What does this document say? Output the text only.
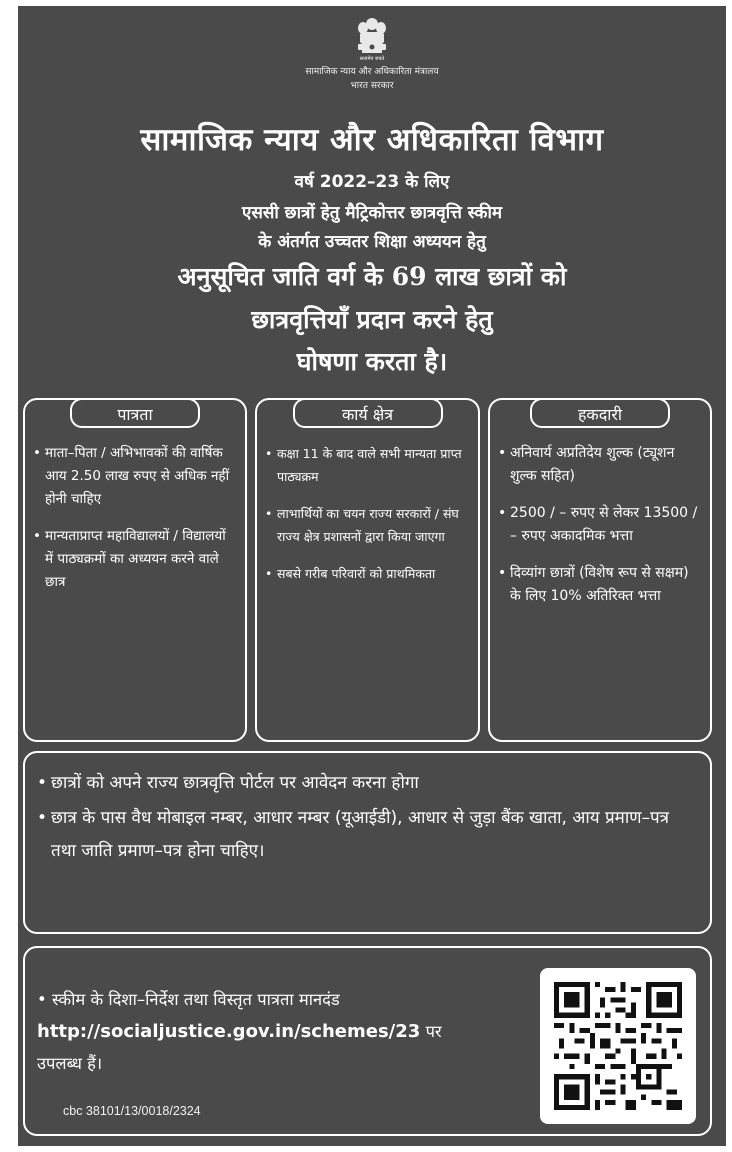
सत्यमेव जयते
सामाजिक न्याय और अधिकारिता मंत्रालय
भारत सरकार
सामाजिक न्याय और अधिकारिता विभाग
वर्ष 2022–23 के लिए
एससी छात्रों हेतु मैट्रिकोत्तर छात्रवृत्ति स्कीम
के अंतर्गत उच्चतर शिक्षा अध्ययन हेतु
अनुसूचित जाति वर्ग के 69 लाख छात्रों को
छात्रवृत्तियाँ प्रदान करने हेतु
घोषणा करता है।
पात्रता
• माता–पिता / अभिभावकों की वार्षिक आय 2.50 लाख रुपए से अधिक नहीं होनी चाहिए
• मान्यताप्राप्त महाविद्यालयों / विद्यालयों में पाठ्यक्रमों का अध्ययन करने वाले छात्र
कार्य क्षेत्र
• कक्षा 11 के बाद वाले सभी मान्यता प्राप्त पाठ्यक्रम
• लाभार्थियों का चयन राज्य सरकारों / संघ राज्य क्षेत्र प्रशासनों द्वारा किया जाएगा
• सबसे गरीब परिवारों को प्राथमिकता
हकदारी
• अनिवार्य अप्रतिदेय शुल्क (ट्यूशन शुल्क सहित)
• 2500 / – रुपए से लेकर 13500 / – रुपए अकादमिक भत्ता
• दिव्यांग छात्रों (विशेष रूप से सक्षम) के लिए 10% अतिरिक्त भत्ता
• छात्रों को अपने राज्य छात्रवृत्ति पोर्टल पर आवेदन करना होगा
• छात्र के पास वैध मोबाइल नम्बर, आधार नम्बर (यूआईडी), आधार से जुड़ा बैंक खाता, आय प्रमाण–पत्र तथा जाति प्रमाण–पत्र होना चाहिए।
• स्कीम के दिशा–निर्देश तथा विस्तृत पात्रता मानदंड
http://socialjustice.gov.in/schemes/23 पर
उपलब्ध हैं।
cbc 38101/13/0018/2324
